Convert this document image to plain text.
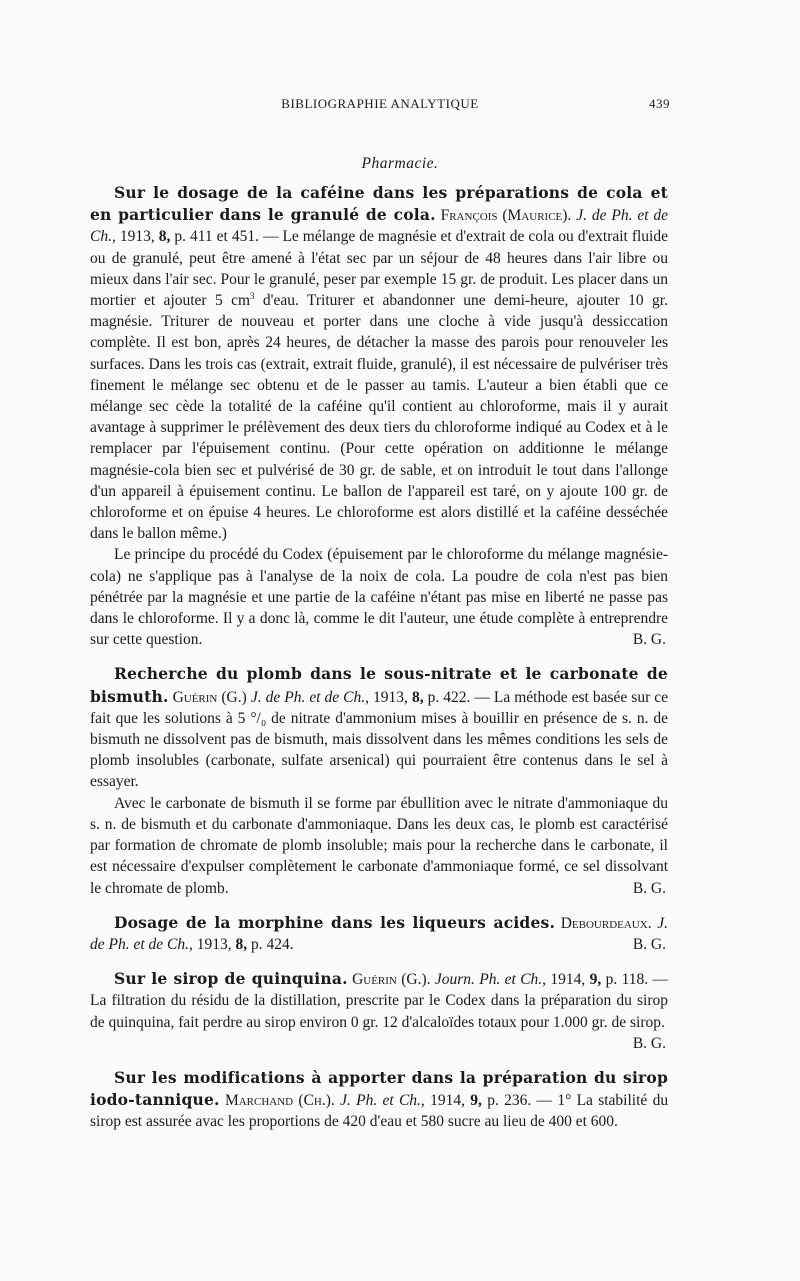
BIBLIOGRAPHIE ANALYTIQUE	439
Pharmacie.

Sur le dosage de la caféine dans les préparations de cola et en particulier dans le granulé de cola. François (Maurice). J. de Ph. et de Ch., 1913, 8, p. 411 et 451. — Le mélange de magnésie et d'extrait de cola ou d'extrait fluide ou de granulé, peut être amené à l'état sec par un séjour de 48 heures dans l'air libre ou mieux dans l'air sec. Pour le granulé, peser par exemple 15 gr. de produit. Les placer dans un mortier et ajouter 5 $cm^3$ d'eau. Triturer et abandonner une demi-heure, ajouter 10 gr. magnésie. Triturer de nouveau et porter dans une cloche à vide jusqu'à dessiccation complète. Il est bon, après 24 heures, de détacher la masse des parois pour renouveler les surfaces. Dans les trois cas (extrait, extrait fluide, granulé), il est nécessaire de pulvériser très finement le mélange sec obtenu et de le passer au tamis. L'auteur a bien établi que ce mélange sec cède la totalité de la caféine qu'il contient au chloroforme, mais il y aurait avantage à supprimer le prélèvement des deux tiers du chloroforme indiqué au Codex et à le remplacer par l'épuisement continu. (Pour cette opération on additionne le mélange magnésie-cola bien sec et pulvérisé de 30 gr. de sable, et on introduit le tout dans l'allonge d'un appareil à épuisement continu. Le ballon de l'appareil est taré, on y ajoute 100 gr. de chloroforme et on épuise 4 heures. Le chloroforme est alors distillé et la caféine desséchée dans le ballon même.)

Le principe du procédé du Codex (épuisement par le chloroforme du mélange magnésie-cola) ne s'applique pas à l'analyse de la noix de cola. La poudre de cola n'est pas bien pénétrée par la magnésie et une partie de la caféine n'étant pas mise en liberté ne passe pas dans le chloroforme. Il y a donc là, comme le dit l'auteur, une étude complète à entreprendre sur cette question.	B. G.

Recherche du plomb dans le sous-nitrate et le carbonate de bismuth. Guérin (G.) J. de Ph. et de Ch., 1913, 8, p. 422. — La méthode est basée sur ce fait que les solutions à 5 °/₀ de nitrate d'ammonium mises à bouillir en présence de s. n. de bismuth ne dissolvent pas de bismuth, mais dissolvent dans les mêmes conditions les sels de plomb insolubles (carbonate, sulfate arsenical) qui pourraient être contenus dans le sel à essayer.

Avec le carbonate de bismuth il se forme par ébullition avec le nitrate d'ammoniaque du s. n. de bismuth et du carbonate d'ammoniaque. Dans les deux cas, le plomb est caractérisé par formation de chromate de plomb insoluble; mais pour la recherche dans le carbonate, il est nécessaire d'expulser complètement le carbonate d'ammoniaque formé, ce sel dissolvant le chromate de plomb.	B. G.

Dosage de la morphine dans les liqueurs acides. Debourdeaux. J. de Ph. et de Ch., 1913, 8, p. 424.	B. G.

Sur le sirop de quinquina. Guérin (G.). Journ. Ph. et Ch., 1914, 9, p. 118. — La filtration du résidu de la distillation, prescrite par le Codex dans la préparation du sirop de quinquina, fait perdre au sirop environ 0 gr. 12 d'alcaloïdes totaux pour 1.000 gr. de sirop.
B. G.

Sur les modifications à apporter dans la préparation du sirop iodo-tannique. Marchand (Ch.). J. Ph. et Ch., 1914, 9, p. 236. — 1° La stabilité du sirop est assurée avac les proportions de 420 d'eau et 580 sucre au lieu de 400 et 600.
